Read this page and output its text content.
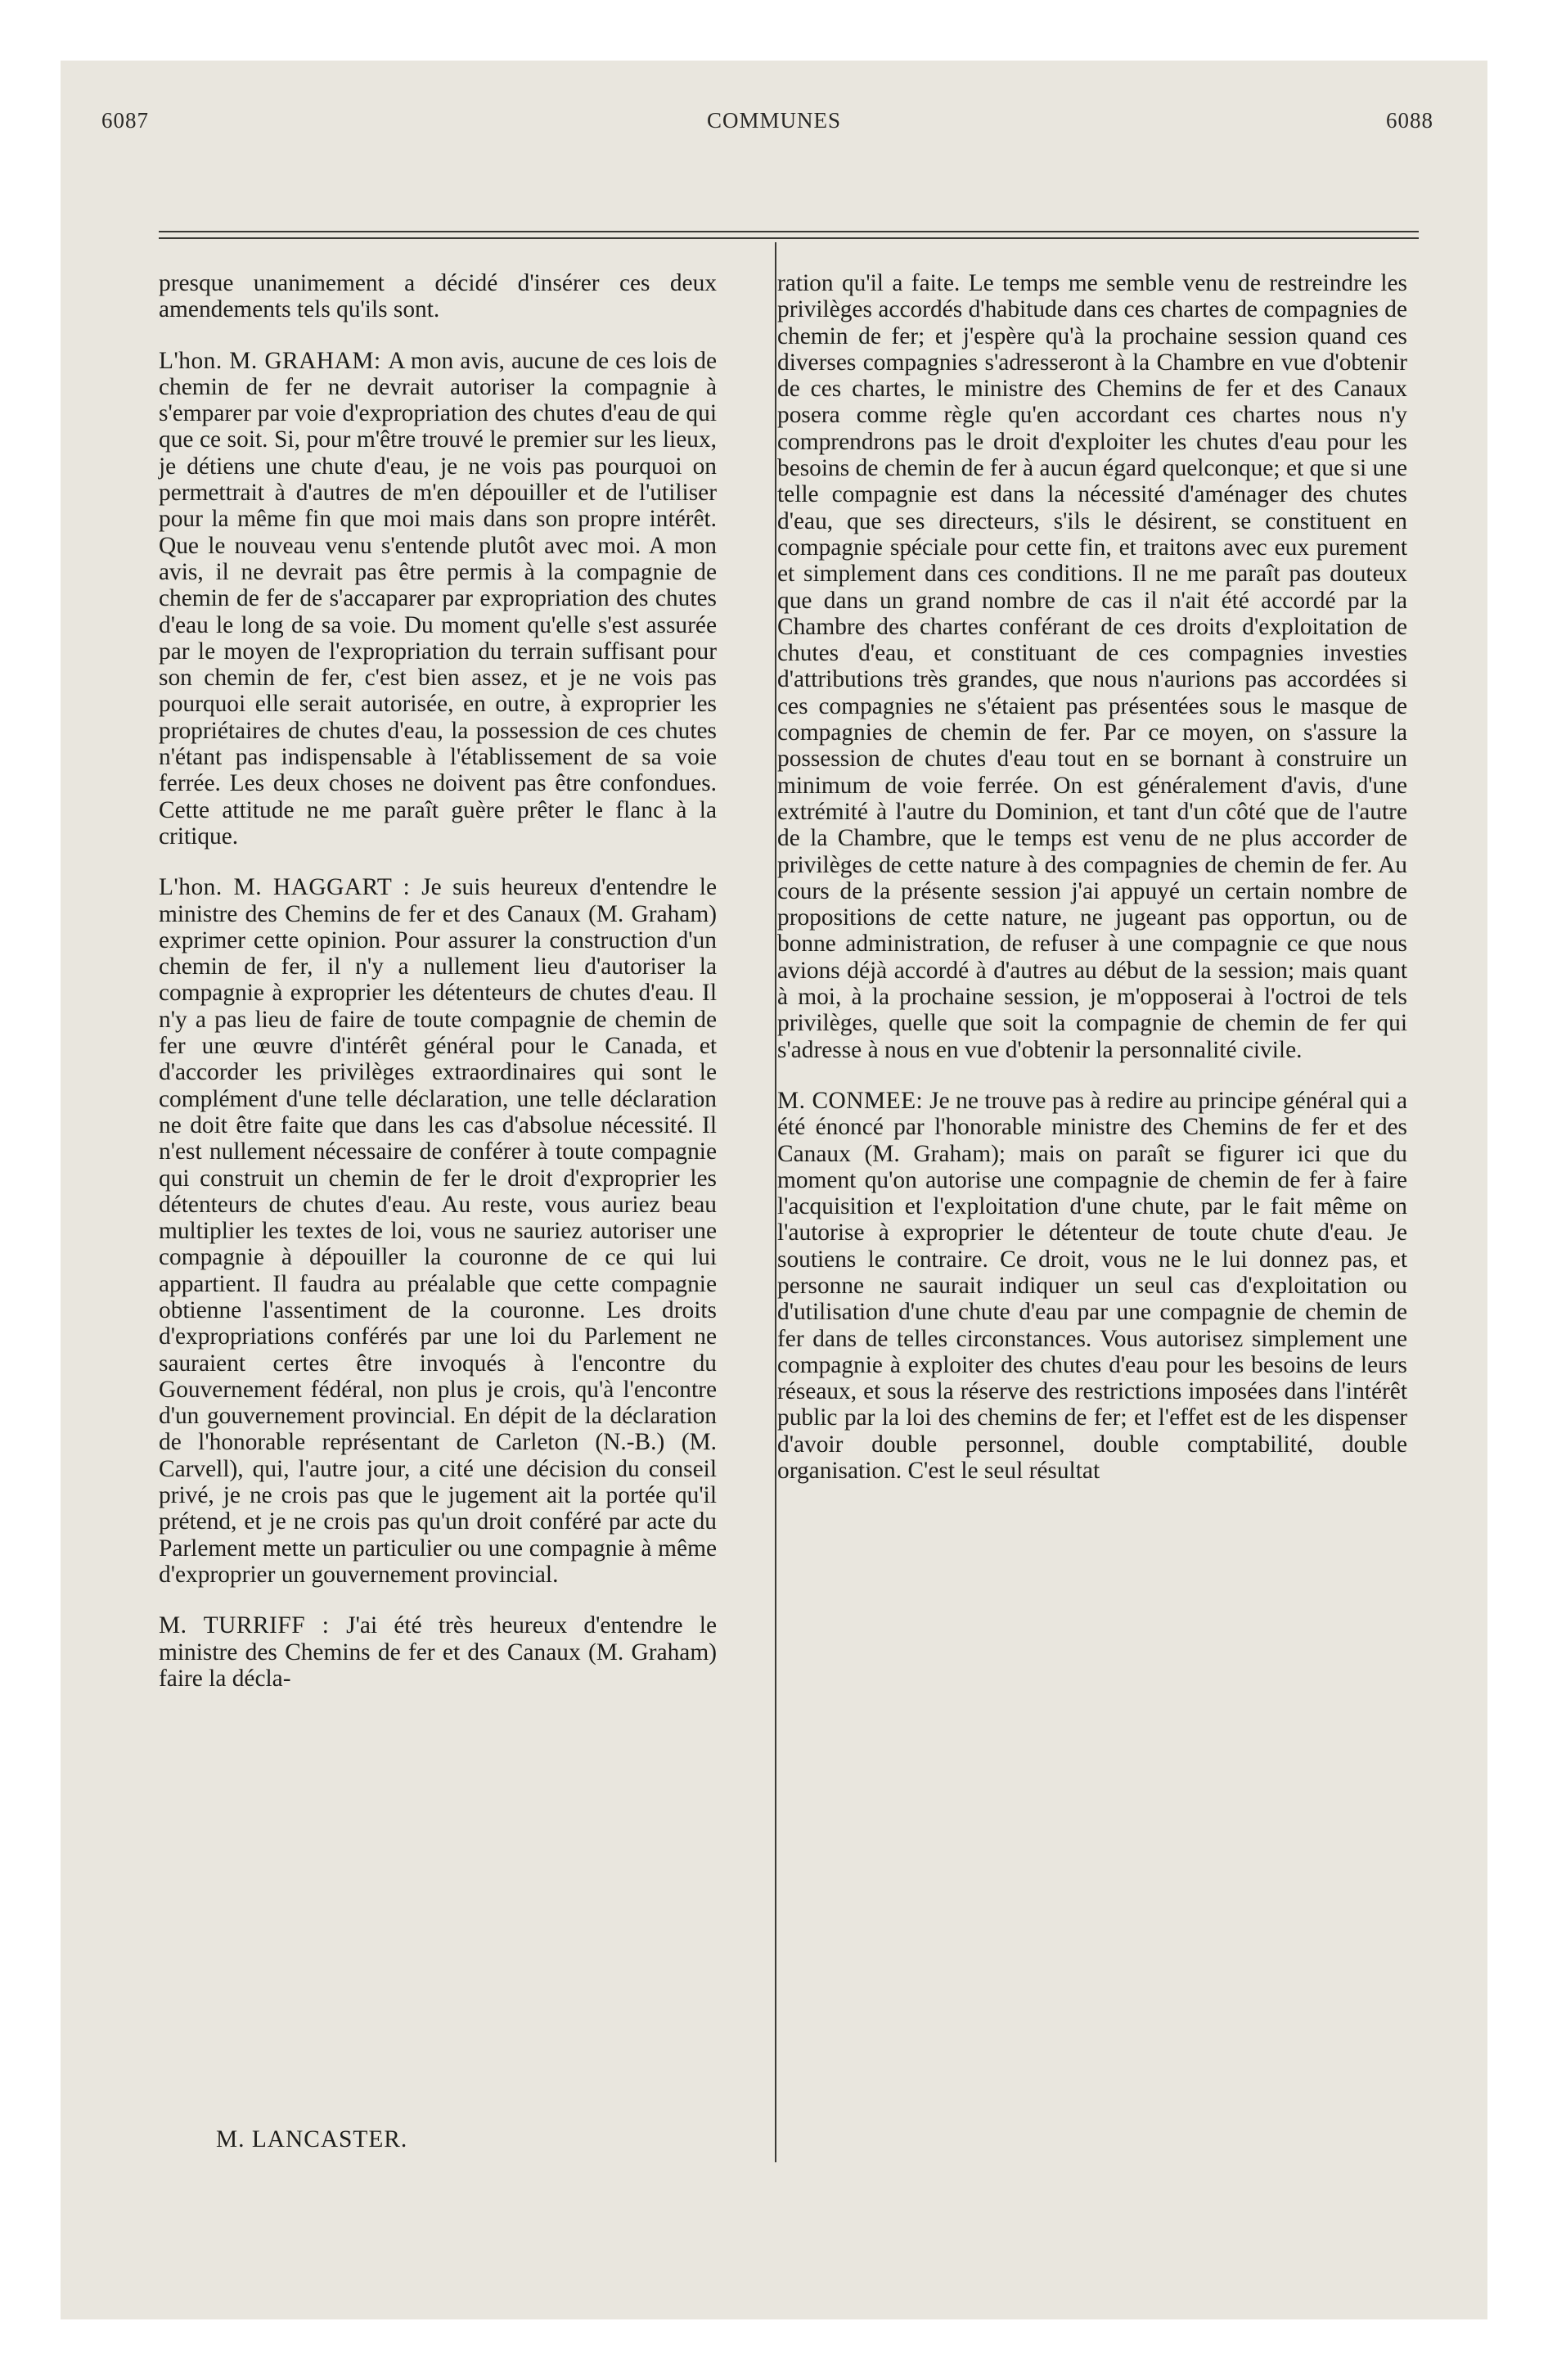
6087	COMMUNES	6088

presque unanimement a décidé d'insérer ces deux amendements tels qu'ils sont.

L'hon. M. GRAHAM: A mon avis, aucune de ces lois de chemin de fer ne devrait autoriser la compagnie à s'emparer par voie d'expropriation des chutes d'eau de qui que ce soit. Si, pour m'être trouvé le premier sur les lieux, je détiens une chute d'eau, je ne vois pas pourquoi on permettrait à d'autres de m'en dépouiller et de l'utiliser pour la même fin que moi mais dans son propre intérêt. Que le nouveau venu s'entende plutôt avec moi. A mon avis, il ne devrait pas être permis à la compagnie de chemin de fer de s'accaparer par expropriation des chutes d'eau le long de sa voie. Du moment qu'elle s'est assurée par le moyen de l'expropriation du terrain suffisant pour son chemin de fer, c'est bien assez, et je ne vois pas pourquoi elle serait autorisée, en outre, à exproprier les propriétaires de chutes d'eau, la possession de ces chutes n'étant pas indispensable à l'établissement de sa voie ferrée. Les deux choses ne doivent pas être confondues. Cette attitude ne me paraît guère prêter le flanc à la critique.

L'hon. M. HAGGART : Je suis heureux d'entendre le ministre des Chemins de fer et des Canaux (M. Graham) exprimer cette opinion. Pour assurer la construction d'un chemin de fer, il n'y a nullement lieu d'autoriser la compagnie à exproprier les détenteurs de chutes d'eau. Il n'y a pas lieu de faire de toute compagnie de chemin de fer une œuvre d'intérêt général pour le Canada, et d'accorder les privilèges extraordinaires qui sont le complément d'une telle déclaration, une telle déclaration ne doit être faite que dans les cas d'absolue nécessité. Il n'est nullement nécessaire de conférer à toute compagnie qui construit un chemin de fer le droit d'exproprier les détenteurs de chutes d'eau. Au reste, vous auriez beau multiplier les textes de loi, vous ne sauriez autoriser une compagnie à dépouiller la couronne de ce qui lui appartient. Il faudra au préalable que cette compagnie obtienne l'assentiment de la couronne. Les droits d'expropriations conférés par une loi du Parlement ne sauraient certes être invoqués à l'encontre du Gouvernement fédéral, non plus je crois, qu'à l'encontre d'un gouvernement provincial. En dépit de la déclaration de l'honorable représentant de Carleton (N.-B.) (M. Carvell), qui, l'autre jour, a cité une décision du conseil privé, je ne crois pas que le jugement ait la portée qu'il prétend, et je ne crois pas qu'un droit conféré par acte du Parlement mette un particulier ou une compagnie à même d'exproprier un gouvernement provincial.

M. TURRIFF : J'ai été très heureux d'entendre le ministre des Chemins de fer et des Canaux (M. Graham) faire la décla-

ration qu'il a faite. Le temps me semble venu de restreindre les privilèges accordés d'habitude dans ces chartes de compagnies de chemin de fer; et j'espère qu'à la prochaine session quand ces diverses compagnies s'adresseront à la Chambre en vue d'obtenir de ces chartes, le ministre des Chemins de fer et des Canaux posera comme règle qu'en accordant ces chartes nous n'y comprendrons pas le droit d'exploiter les chutes d'eau pour les besoins de chemin de fer à aucun égard quelconque; et que si une telle compagnie est dans la nécessité d'aménager des chutes d'eau, que ses directeurs, s'ils le désirent, se constituent en compagnie spéciale pour cette fin, et traitons avec eux purement et simplement dans ces conditions. Il ne me paraît pas douteux que dans un grand nombre de cas il n'ait été accordé par la Chambre des chartes conférant de ces droits d'exploitation de chutes d'eau, et constituant de ces compagnies investies d'attributions très grandes, que nous n'aurions pas accordées si ces compagnies ne s'étaient pas présentées sous le masque de compagnies de chemin de fer. Par ce moyen, on s'assure la possession de chutes d'eau tout en se bornant à construire un minimum de voie ferrée. On est généralement d'avis, d'une extrémité à l'autre du Dominion, et tant d'un côté que de l'autre de la Chambre, que le temps est venu de ne plus accorder de privilèges de cette nature à des compagnies de chemin de fer. Au cours de la présente session j'ai appuyé un certain nombre de propositions de cette nature, ne jugeant pas opportun, ou de bonne administration, de refuser à une compagnie ce que nous avions déjà accordé à d'autres au début de la session; mais quant à moi, à la prochaine session, je m'opposerai à l'octroi de tels privilèges, quelle que soit la compagnie de chemin de fer qui s'adresse à nous en vue d'obtenir la personnalité civile.

M. CONMEE: Je ne trouve pas à redire au principe général qui a été énoncé par l'honorable ministre des Chemins de fer et des Canaux (M. Graham); mais on paraît se figurer ici que du moment qu'on autorise une compagnie de chemin de fer à faire l'acquisition et l'exploitation d'une chute, par le fait même on l'autorise à exproprier le détenteur de toute chute d'eau. Je soutiens le contraire. Ce droit, vous ne le lui donnez pas, et personne ne saurait indiquer un seul cas d'exploitation ou d'utilisation d'une chute d'eau par une compagnie de chemin de fer dans de telles circonstances. Vous autorisez simplement une compagnie à exploiter des chutes d'eau pour les besoins de leurs réseaux, et sous la réserve des restrictions imposées dans l'intérêt public par la loi des chemins de fer; et l'effet est de les dispenser d'avoir double personnel, double comptabilité, double organisation. C'est le seul résultat

M. LANCASTER.
